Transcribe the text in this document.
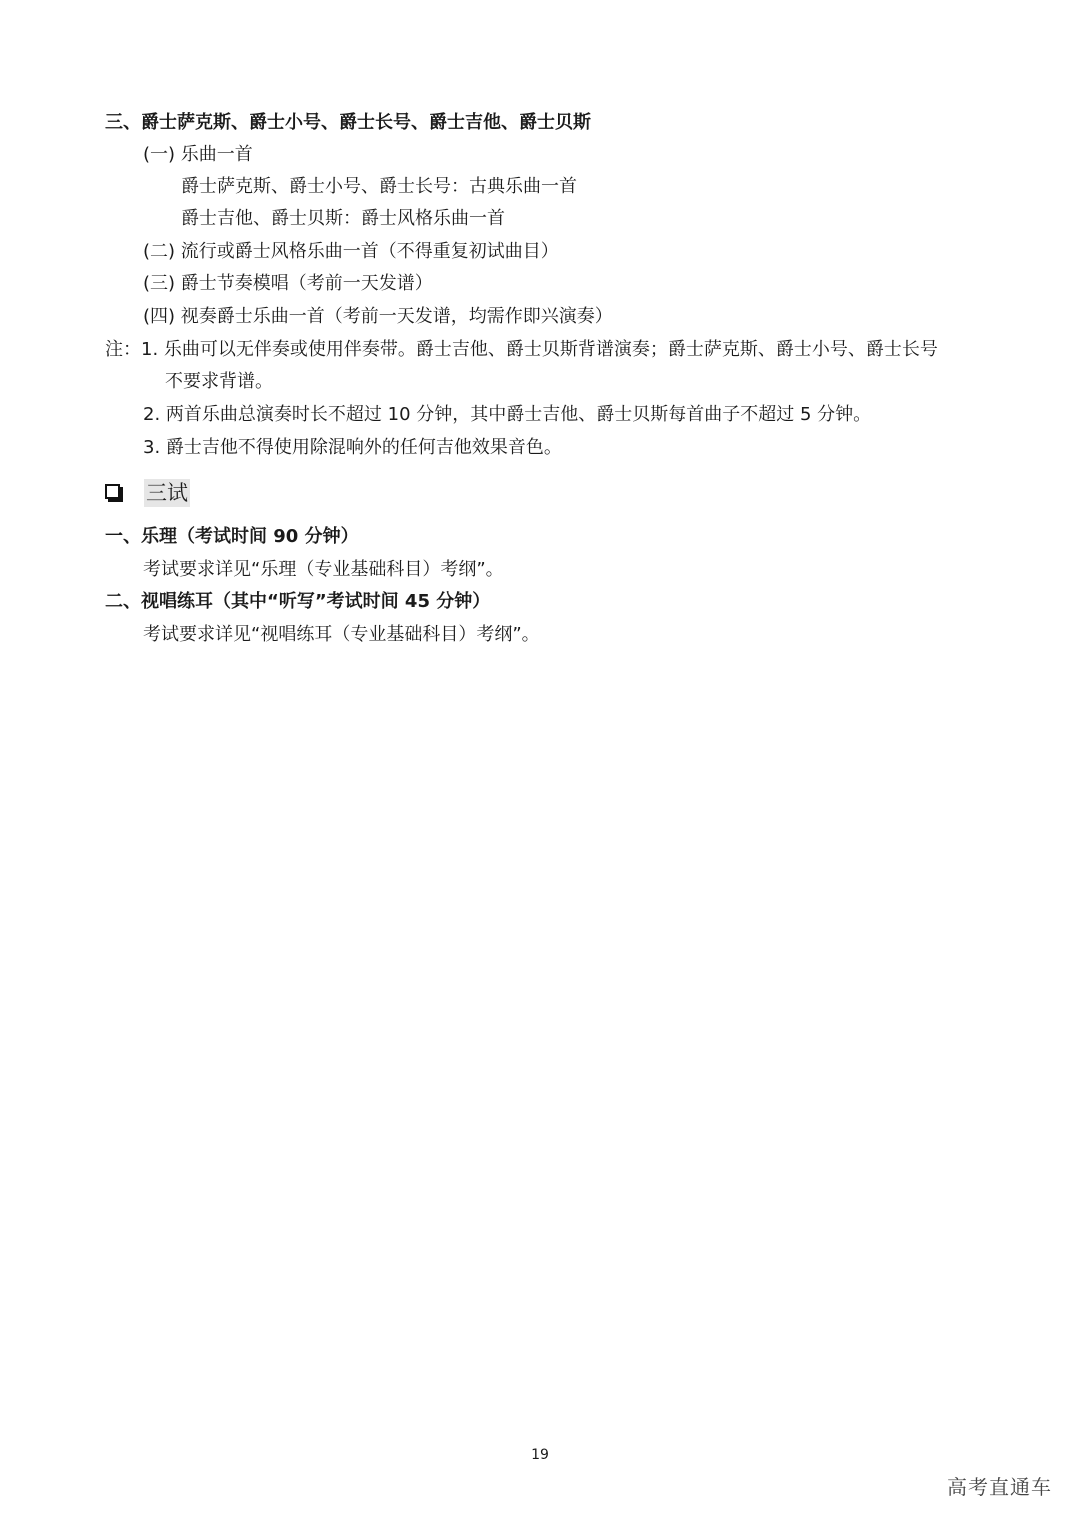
三、爵士萨克斯、爵士小号、爵士长号、爵士吉他、爵士贝斯
(一) 乐曲一首
爵士萨克斯、爵士小号、爵士长号：古典乐曲一首
爵士吉他、爵士贝斯：爵士风格乐曲一首
(二) 流行或爵士风格乐曲一首（不得重复初试曲目）
(三) 爵士节奏模唱（考前一天发谱）
(四) 视奏爵士乐曲一首（考前一天发谱，均需作即兴演奏）
注：1. 乐曲可以无伴奏或使用伴奏带。爵士吉他、爵士贝斯背谱演奏；爵士萨克斯、爵士小号、爵士长号
不要求背谱。
2. 两首乐曲总演奏时长不超过 10 分钟，其中爵士吉他、爵士贝斯每首曲子不超过 5 分钟。
3. 爵士吉他不得使用除混响外的任何吉他效果音色。
三试
一、乐理（考试时间 90 分钟）
考试要求详见“乐理（专业基础科目）考纲”。
二、视唱练耳（其中“听写”考试时间 45 分钟）
考试要求详见“视唱练耳（专业基础科目）考纲”。
19
高考直通车
